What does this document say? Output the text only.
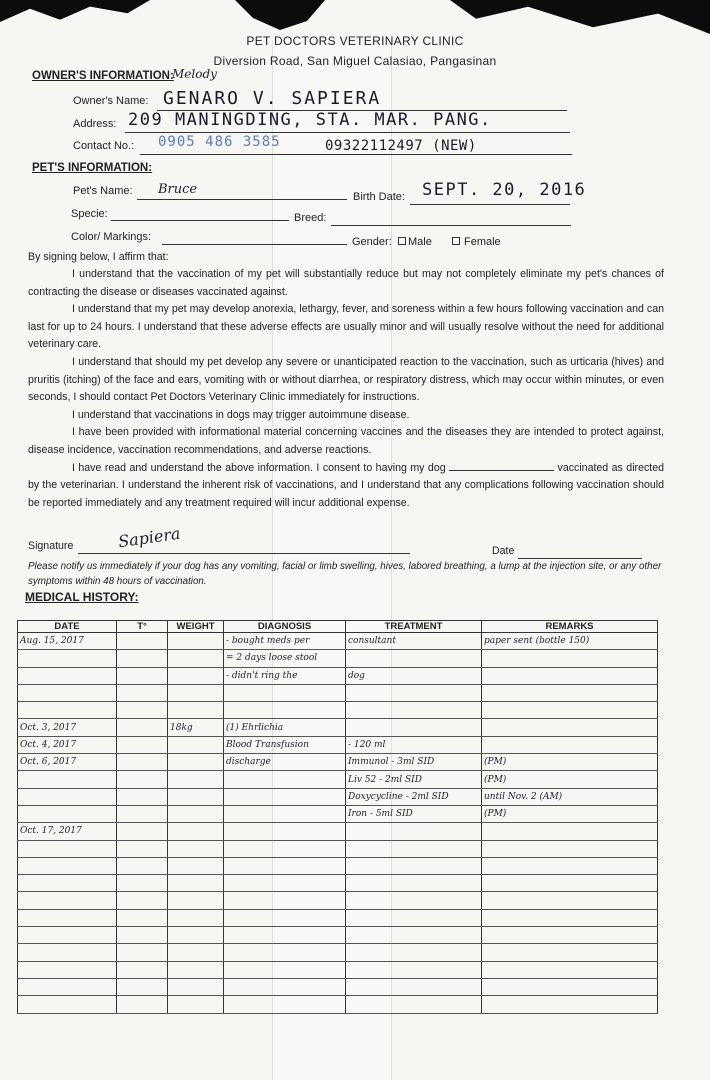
PET DOCTORS VETERINARY CLINIC
Diversion Road, San Miguel Calasiao, Pangasinan
OWNER'S INFORMATION:
Melody
Owner's Name: GENARO V. SAPIERA
Address: 209 MANINGDING, STA. MAR. PANG.
Contact No.: 0905 486 3585	09322112497 (NEW)
PET'S INFORMATION:
Pet's Name: Bruce	Birth Date: SEPT. 20, 2016
Specie:	Breed:
Color/ Markings:	Gender:	Male	Female
By signing below, I affirm that:

I understand that the vaccination of my pet will substantially reduce but may not completely eliminate my pet's chances of contracting the disease or diseases vaccinated against.

I understand that my pet may develop anorexia, lethargy, fever, and soreness within a few hours following vaccination and can last for up to 24 hours. I understand that these adverse effects are usually minor and will usually resolve without the need for additional veterinary care.

I understand that should my pet develop any severe or unanticipated reaction to the vaccination, such as urticaria (hives) and pruritis (itching) of the face and ears, vomiting with or without diarrhea, or respiratory distress, which may occur within minutes, or even seconds, I should contact Pet Doctors Veterinary Clinic immediately for instructions.

I understand that vaccinations in dogs may trigger autoimmune disease.

I have been provided with informational material concerning vaccines and the diseases they are intended to protect against, disease incidence, vaccination recommendations, and adverse reactions.

I have read and understand the above information. I consent to having my dog	vaccinated as directed by the veterinarian. I understand the inherent risk of vaccinations, and I understand that any complications following vaccination should be reported immediately and any treatment required will incur additional expense.

Signature	Sapiera	Date
Please notify us immediately if your dog has any vomiting, facial or limb swelling, hives, labored breathing, a lump at the injection site, or any other symptoms within 48 hours of vaccination.
MEDICAL HISTORY:
DATE	T°	WEIGHT	DIAGNOSIS	TREATMENT	REMARKS
Aug. 15, 2017			- bought meds per	consultant	paper sent (bottle 150)
			= 2 days loose stool		
			- didn't ring the	dog	

Oct. 3, 2017		18kg	(1) Ehrlichia		
Oct. 4, 2017			Blood Transfusion	- 120 ml	
Oct. 6, 2017			discharge	Immunol - 3ml SID	(PM)
				Liv 52 - 2ml SID	(PM)
				Doxycycline - 2ml SID	until Nov. 2 (AM)
				Iron - 5ml SID	(PM)
Oct. 17, 2017					
